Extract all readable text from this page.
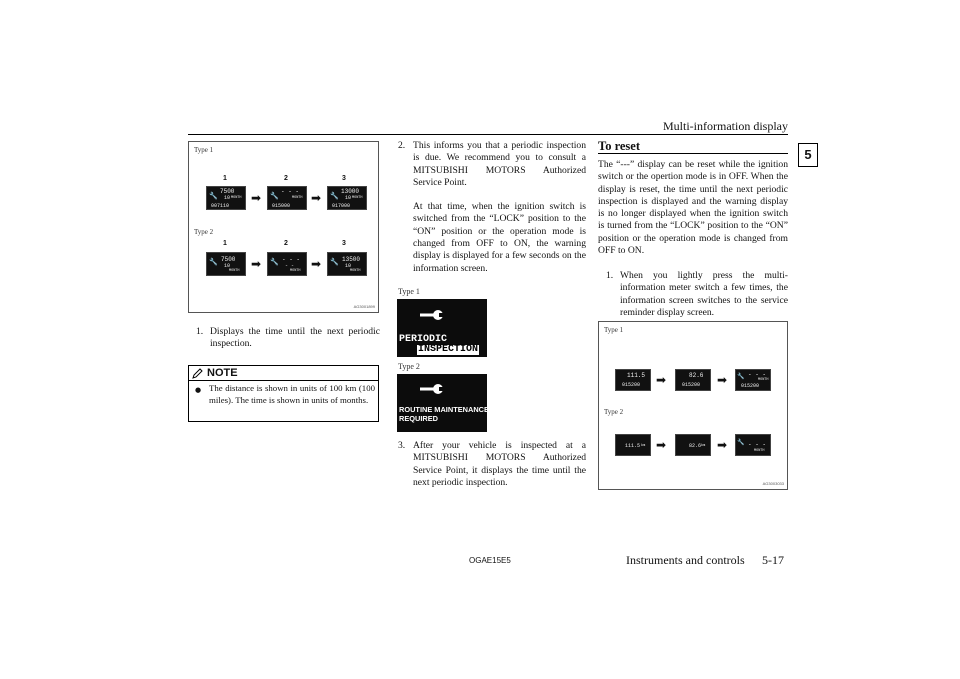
Multi-information display
5
Type 1
Type 2
1	2	3
🔧
7500
10 MONTH
007110
➡ 🔧
- - -
MONTH
015000
➡ 🔧
13000
10 MONTH
017000
1	2	3
🔧 7500
10
MONTH ➡ 🔧 - - -
- -
MONTH ➡ 🔧 13500
10
MONTH
AG3001899
1. Displays the time until the next periodic inspection.
NOTE
● The distance is shown in units of 100 km (100 miles). The time is shown in units of months.
2. This informs you that a periodic inspection is due. We recommend you to consult a MITSUBISHI MOTORS Authorized Service Point.
At that time, when the ignition switch is switched from the “LOCK” position to the “ON” position or the operation mode is changed from OFF to ON, the warning display is displayed for a few seconds on the information screen.
Type 1
PERIODIC
INSPECTION
Type 2
ROUTINE MAINTENANCE
REQUIRED
3. After your vehicle is inspected at a MITSUBISHI MOTORS Authorized Service Point, it displays the time until the next periodic inspection.
To reset
The “---” display can be reset while the ignition switch or the opertion mode is in OFF. When the display is reset, the time until the next periodic inspection is displayed and the warning display is no longer displayed when the ignition switch is turned from the “LOCK” position to the “ON” position or the operation mode is changed from OFF to ON.
1. When you lightly press the multi-information meter switch a few times, the information screen switches to the service reminder display screen.
Type 1
Type 2
111.5
015200 ➡	82.6
015200 ➡ 🔧 - - -
MONTH
015200
111.5 km ➡	82.6 km ➡ 🔧 - - -
MONTH
AG3003033
OGAE15E5	Instruments and controls 5-17
